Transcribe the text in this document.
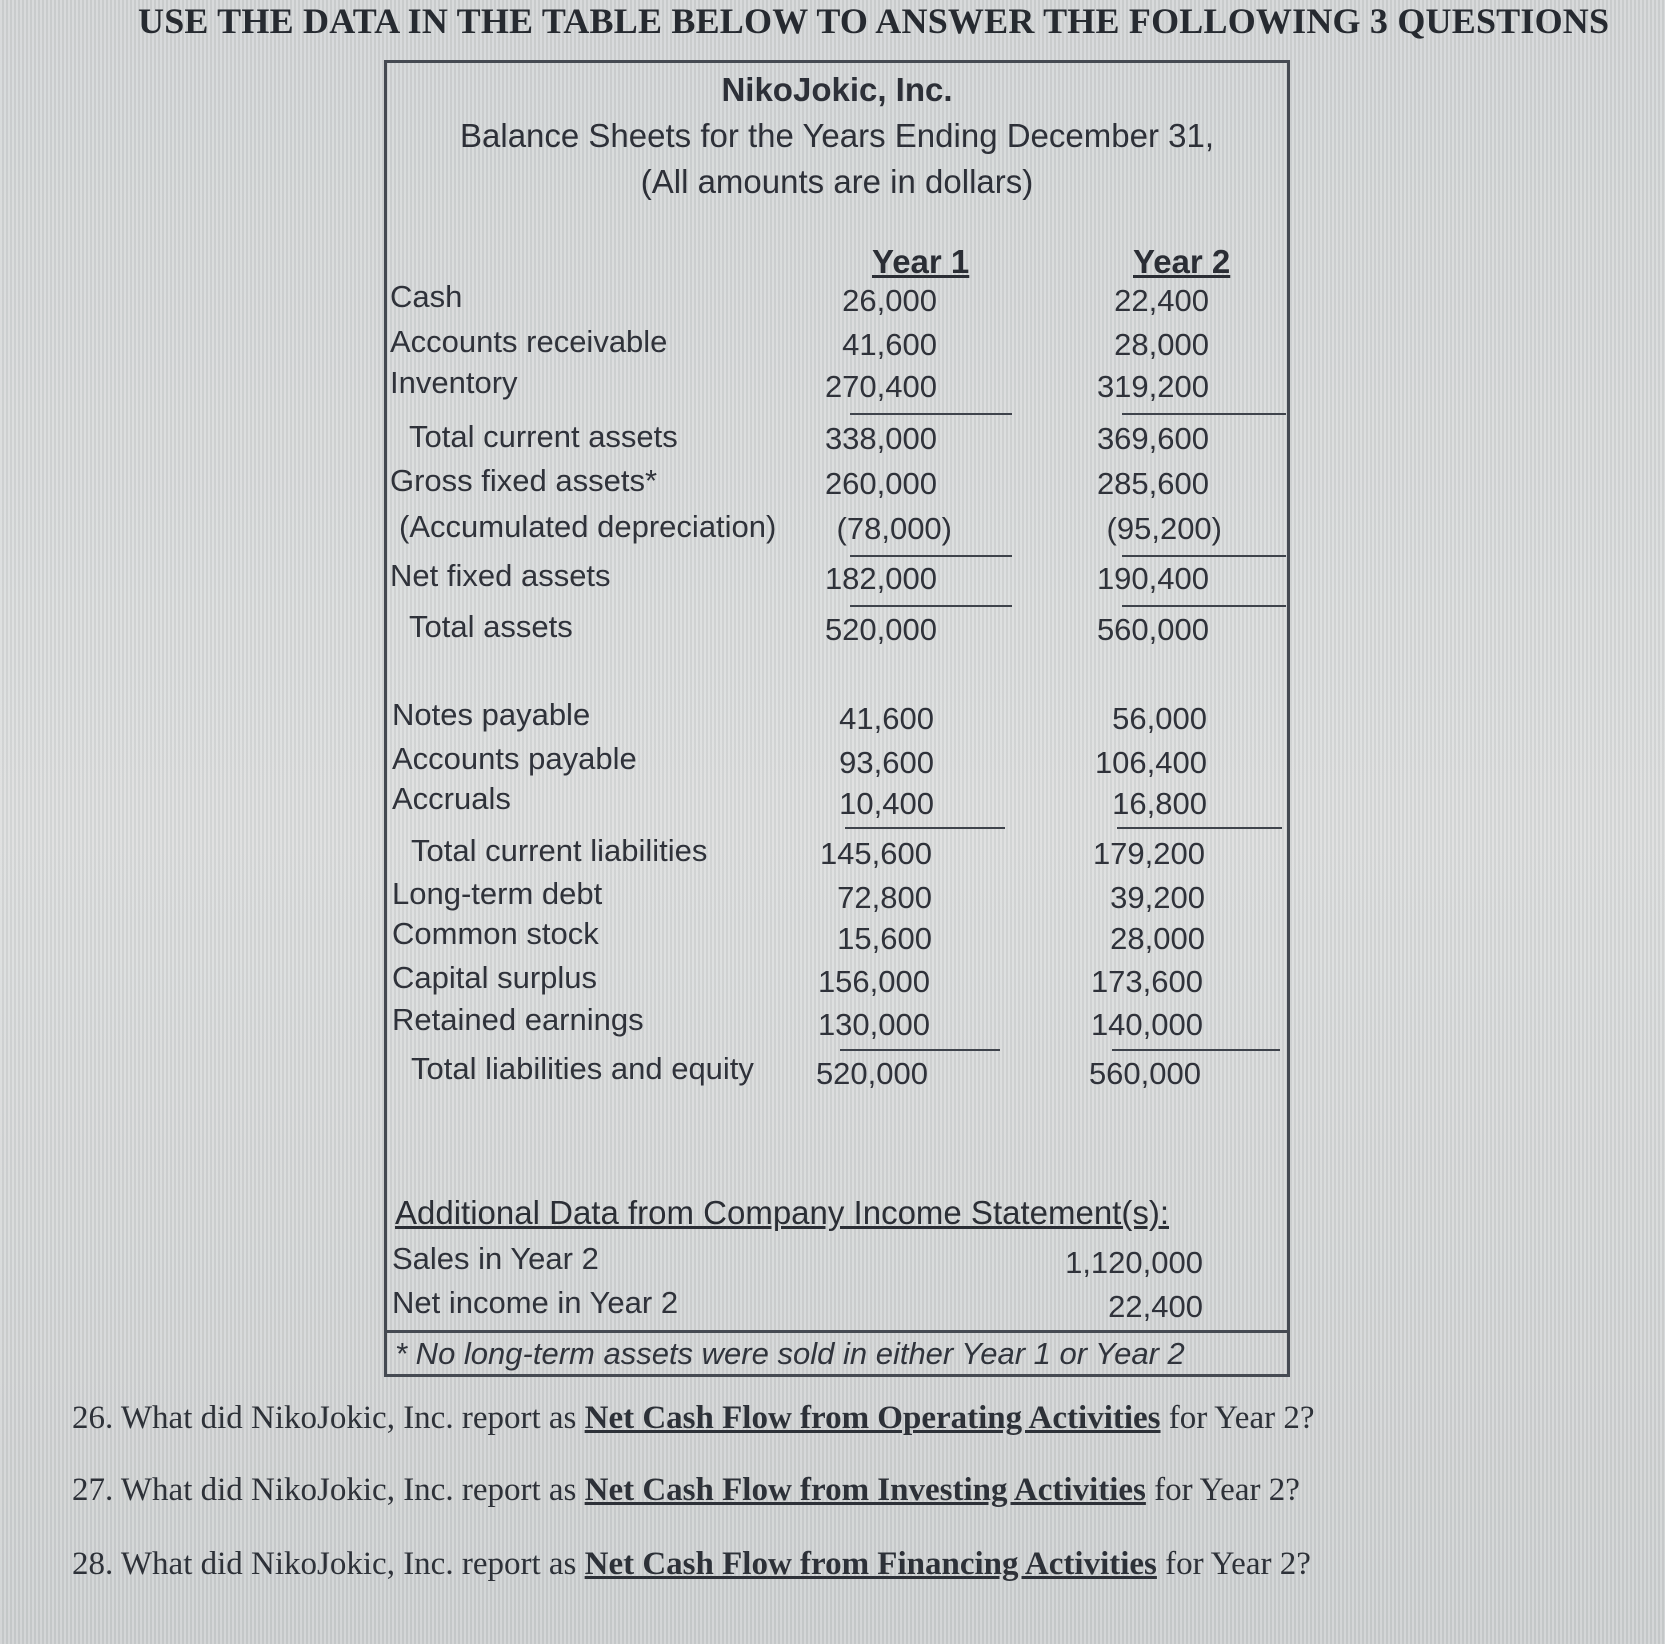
USE THE DATA IN THE TABLE BELOW TO ANSWER THE FOLLOWING 3 QUESTIONS
NikoJokic, Inc.
Balance Sheets for the Years Ending December 31,
(All amounts are in dollars)
Year 1	Year 2
Cash	26,000	22,400
Accounts receivable	41,600	28,000
Inventory	270,400	319,200
Total current assets	338,000	369,600
Gross fixed assets*	260,000	285,600
(Accumulated depreciation) (78,000)	(95,200)
Net fixed assets	182,000	190,400
Total assets	520,000	560,000
Notes payable	41,600	56,000
Accounts payable	93,600	106,400
Accruals	10,400	16,800
Total current liabilities	145,600	179,200
Long-term debt	72,800	39,200
Common stock	15,600	28,000
Capital surplus	156,000	173,600
Retained earnings	130,000	140,000
Total liabilities and equity 520,000	560,000
Additional Data from Company Income Statement(s):
Sales in Year 2	1,120,000
Net income in Year 2	22,400
* No long-term assets were sold in either Year 1 or Year 2
26. What did NikoJokic, Inc. report as Net Cash Flow from Operating Activities for Year 2?
27. What did NikoJokic, Inc. report as Net Cash Flow from Investing Activities for Year 2?
28. What did NikoJokic, Inc. report as Net Cash Flow from Financing Activities for Year 2?
